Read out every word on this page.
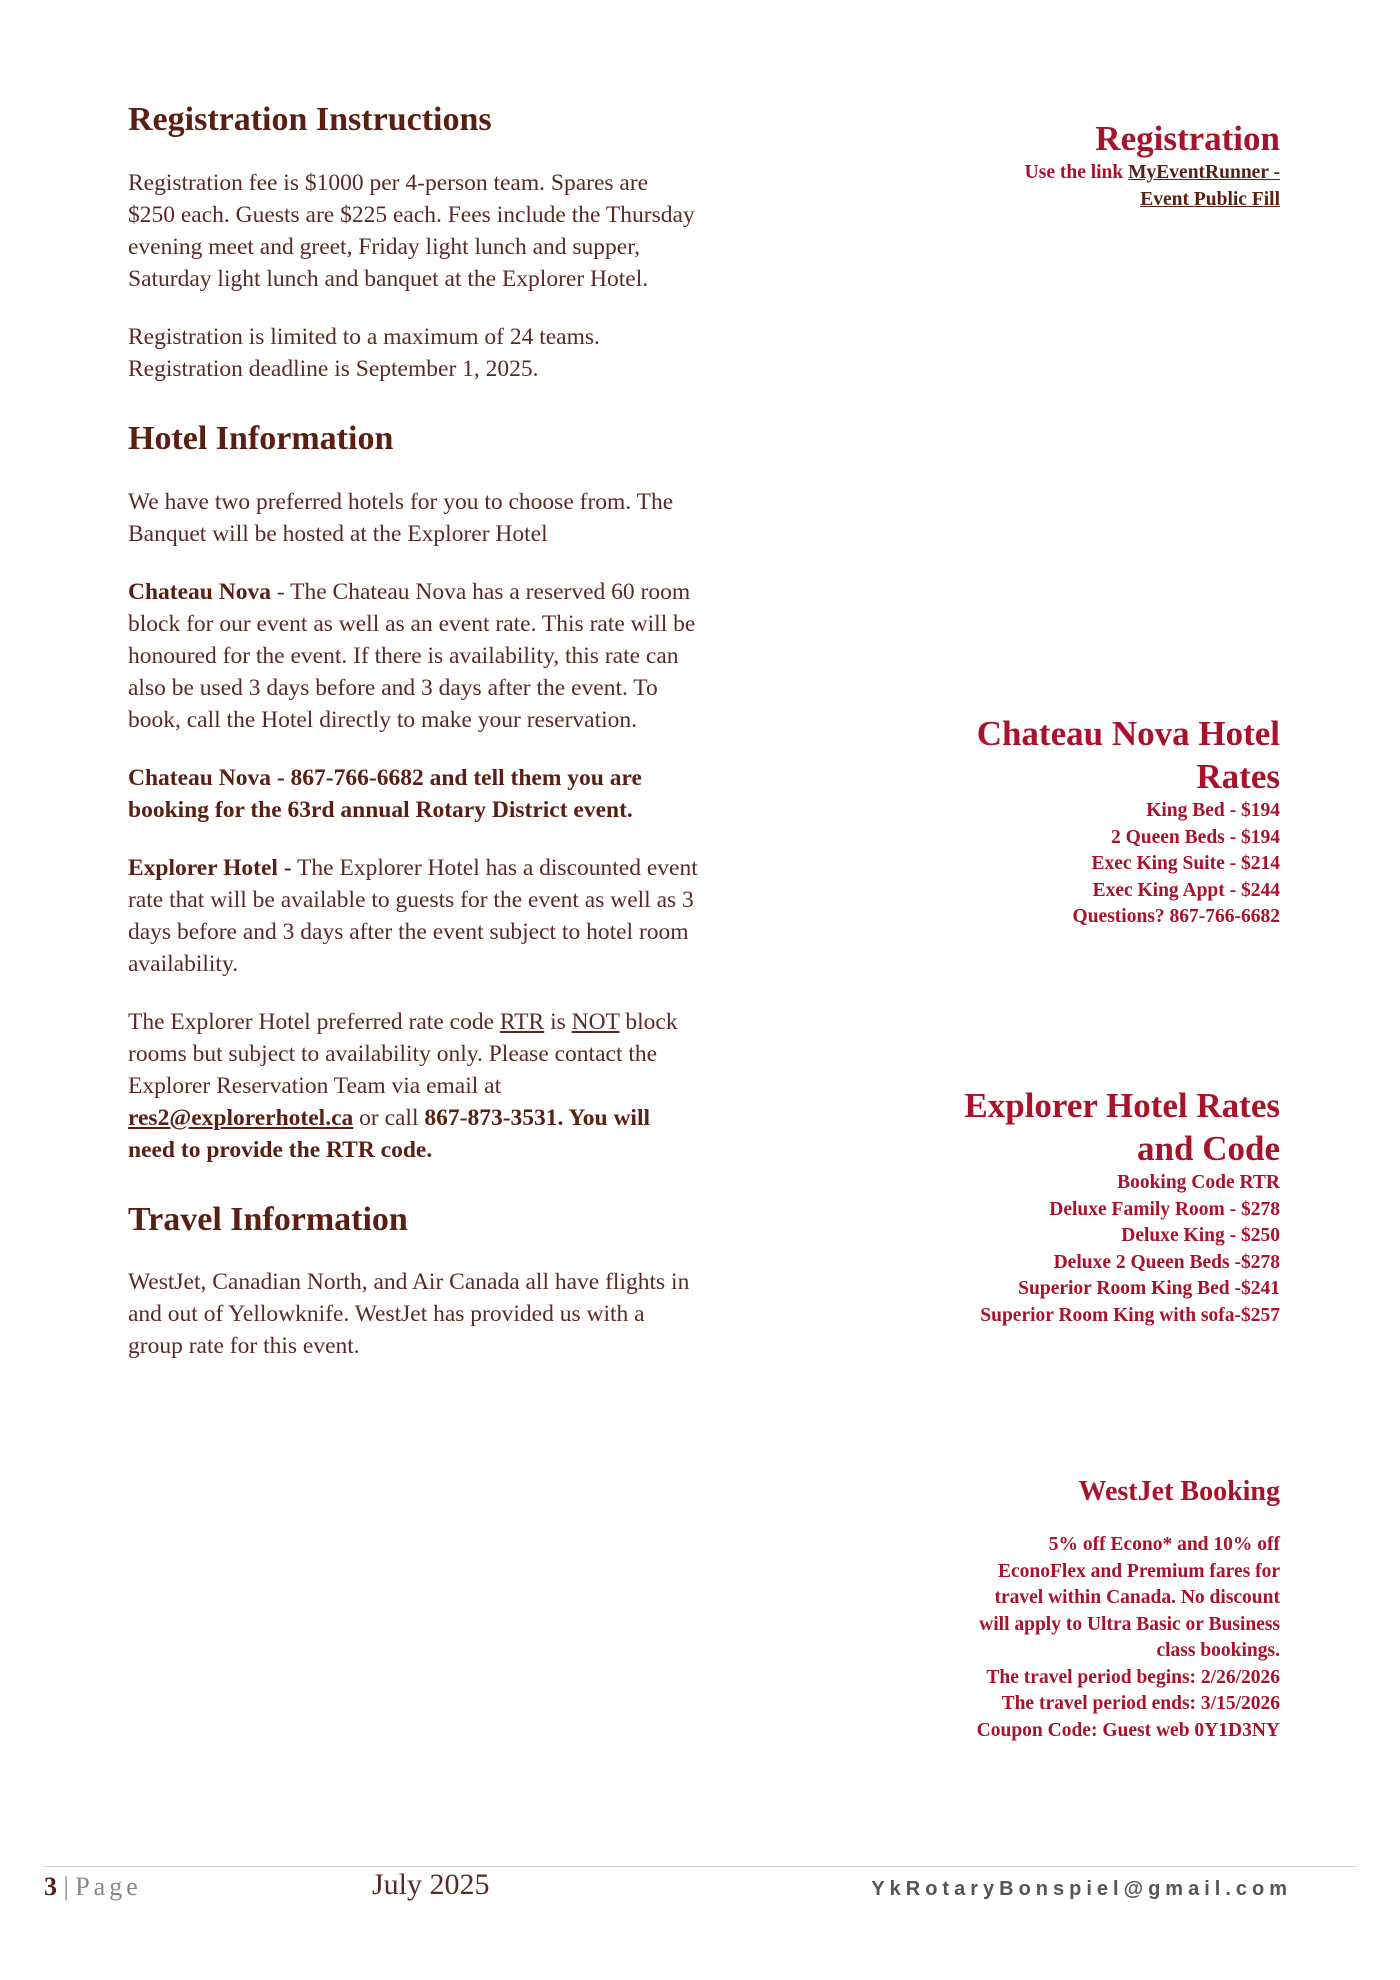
Registration Instructions

Registration fee is $1000 per 4-person team. Spares are $250 each. Guests are $225 each. Fees include the Thursday evening meet and greet, Friday light lunch and supper, Saturday light lunch and banquet at the Explorer Hotel.

Registration is limited to a maximum of 24 teams. Registration deadline is September 1, 2025.

Hotel Information

We have two preferred hotels for you to choose from. The Banquet will be hosted at the Explorer Hotel

Chateau Nova - The Chateau Nova has a reserved 60 room block for our event as well as an event rate. This rate will be honoured for the event. If there is availability, this rate can also be used 3 days before and 3 days after the event. To book, call the Hotel directly to make your reservation.

Chateau Nova - 867-766-6682 and tell them you are booking for the 63rd annual Rotary District event.

Explorer Hotel - The Explorer Hotel has a discounted event rate that will be available to guests for the event as well as 3 days before and 3 days after the event subject to hotel room availability.

The Explorer Hotel preferred rate code RTR is NOT block rooms but subject to availability only. Please contact the Explorer Reservation Team via email at res2@explorerhotel.ca or call 867-873-3531. You will need to provide the RTR code.

Travel Information

WestJet, Canadian North, and Air Canada all have flights in and out of Yellowknife. WestJet has provided us with a group rate for this event.

Registration
Use the link MyEventRunner -
Event Public Fill
Chateau Nova Hotel
Rates
King Bed - $194
2 Queen Beds - $194
Exec King Suite - $214
Exec King Appt - $244
Questions? 867-766-6682
Explorer Hotel Rates
and Code
Booking Code RTR
Deluxe Family Room - $278
Deluxe King - $250
Deluxe 2 Queen Beds -$278
Superior Room King Bed -$241
Superior Room King with sofa-$257
WestJet Booking
5% off Econo* and 10% off
EconoFlex and Premium fares for
travel within Canada. No discount
will apply to Ultra Basic or Business
class bookings.
The travel period begins: 2/26/2026
The travel period ends: 3/15/2026
Coupon Code: Guest web 0Y1D3NY
3 | Page	July 2025	YkRotaryBonspiel@gmail.com
